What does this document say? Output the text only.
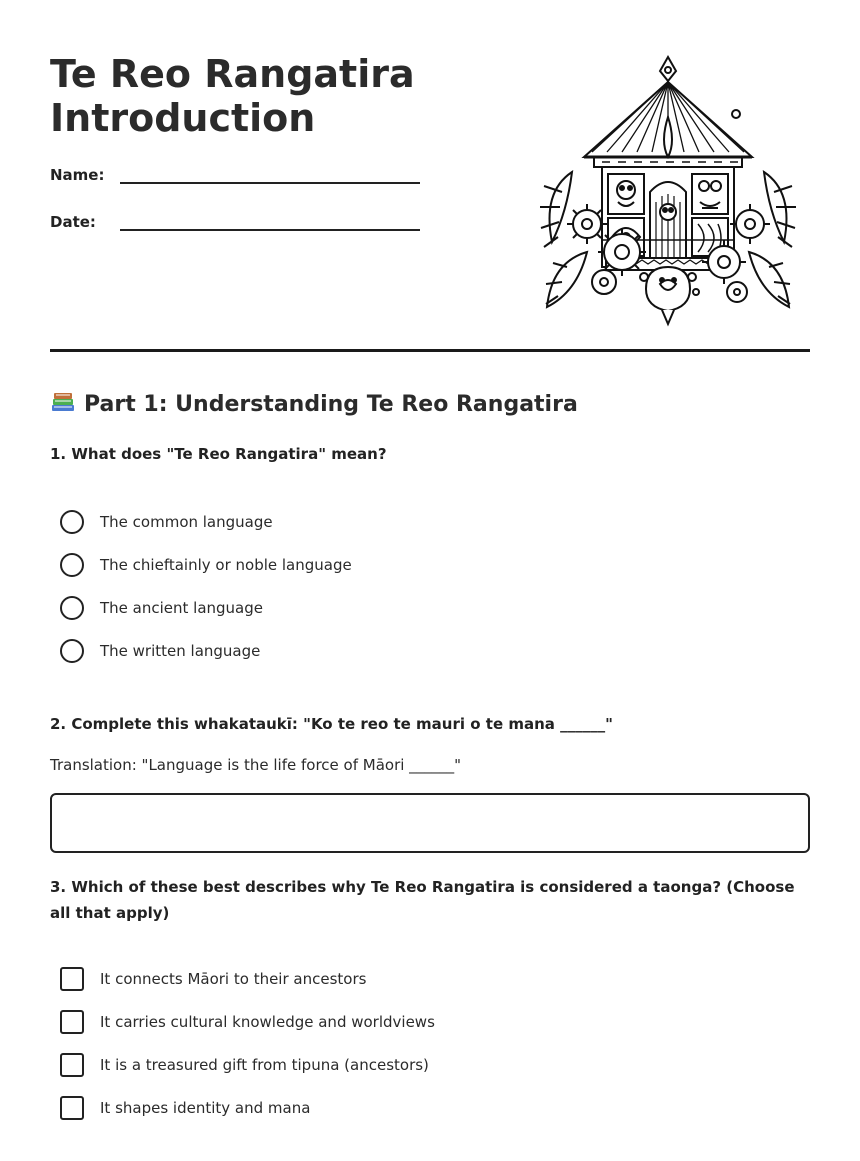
Te Reo Rangatira
Introduction
Name:
Date:
Part 1: Understanding Te Reo Rangatira
1. What does "Te Reo Rangatira" mean?
The common language
The chieftainly or noble language
The ancient language
The written language
2. Complete this whakataukī: "Ko te reo te mauri o te mana ______"
Translation: "Language is the life force of Māori ______"
3. Which of these best describes why Te Reo Rangatira is considered a taonga? (Choose all that apply)
It connects Māori to their ancestors
It carries cultural knowledge and worldviews
It is a treasured gift from tipuna (ancestors)
It shapes identity and mana
